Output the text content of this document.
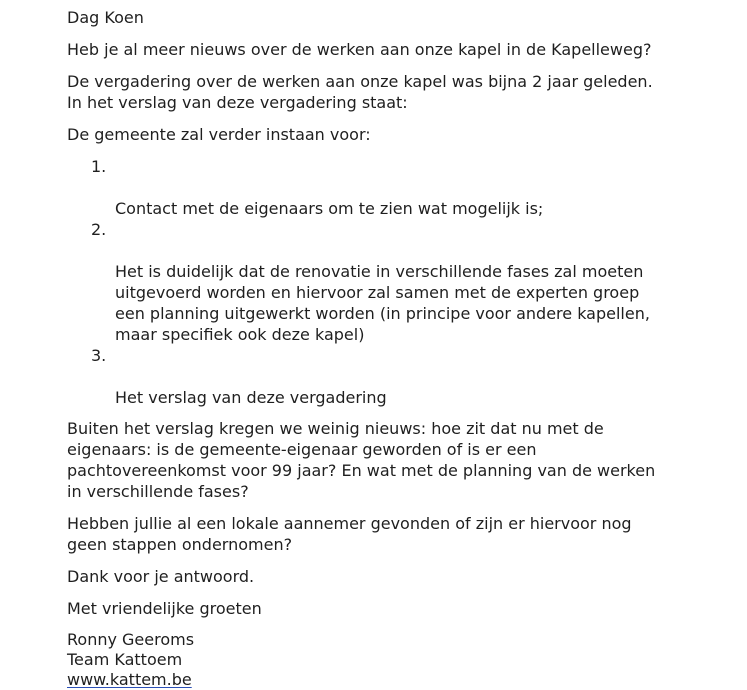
Dag Koen

Heb je al meer nieuws over de werken aan onze kapel in de Kapelleweg?

De vergadering over de werken aan onze kapel was bijna 2 jaar geleden.
In het verslag van deze vergadering staat:

De gemeente zal verder instaan voor:

1.

Contact met de eigenaars om te zien wat mogelijk is;

2.

Het is duidelijk dat de renovatie in verschillende fases zal moeten
uitgevoerd worden en hiervoor zal samen met de experten groep
een planning uitgewerkt worden (in principe voor andere kapellen,
maar specifiek ook deze kapel)

3.

Het verslag van deze vergadering

Buiten het verslag kregen we weinig nieuws: hoe zit dat nu met de
eigenaars: is de gemeente-eigenaar geworden of is er een
pachtovereenkomst voor 99 jaar? En wat met de planning van de werken
in verschillende fases?

Hebben jullie al een lokale aannemer gevonden of zijn er hiervoor nog
geen stappen ondernomen?

Dank voor je antwoord.

Met vriendelijke groeten

Ronny Geeroms

Team Kattoem

www.kattem.be
